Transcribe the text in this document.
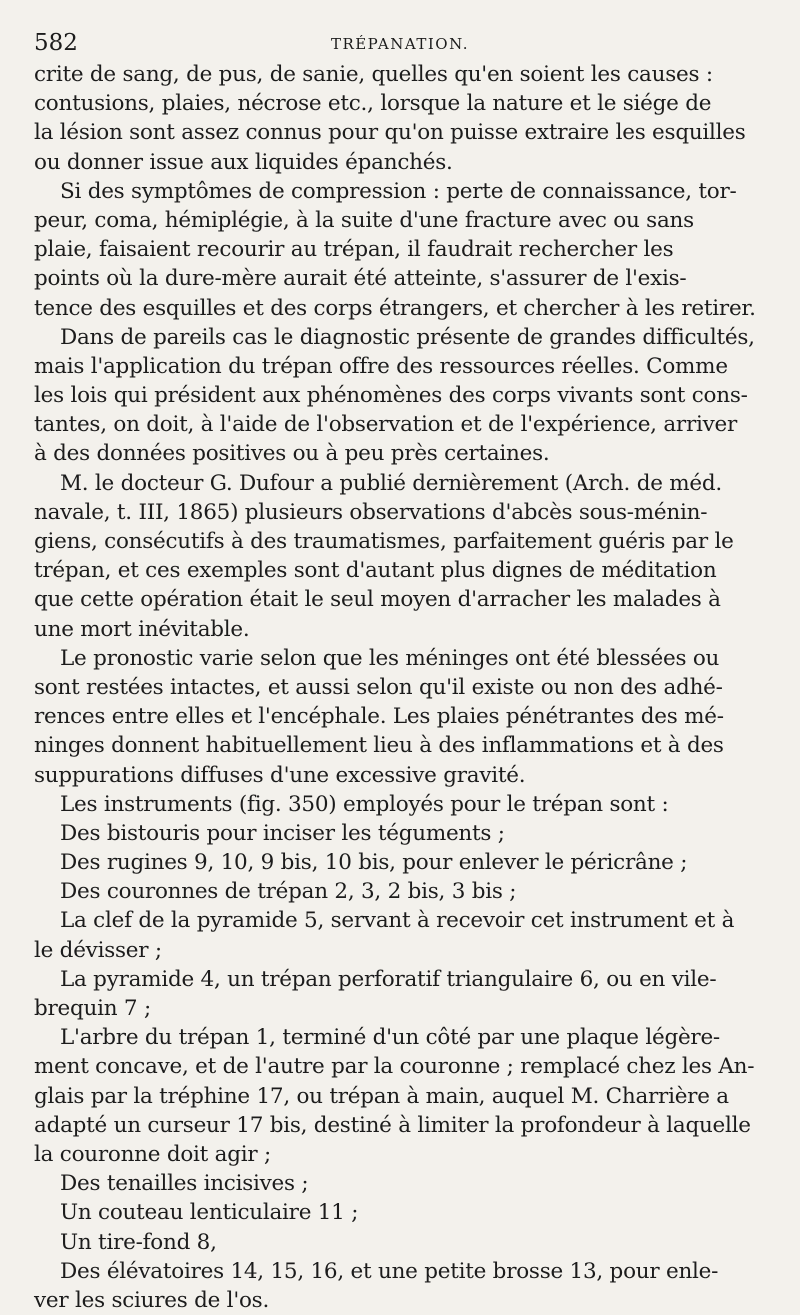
582	TRÉPANATION.
crite de sang, de pus, de sanie, quelles qu'en soient les causes :
contusions, plaies, nécrose etc., lorsque la nature et le siége de
la lésion sont assez connus pour qu'on puisse extraire les esquilles
ou donner issue aux liquides épanchés.
Si des symptômes de compression : perte de connaissance, tor-
peur, coma, hémiplégie, à la suite d'une fracture avec ou sans
plaie, faisaient recourir au trépan, il faudrait rechercher les
points où la dure-mère aurait été atteinte, s'assurer de l'exis-
tence des esquilles et des corps étrangers, et chercher à les retirer.
Dans de pareils cas le diagnostic présente de grandes difficultés,
mais l'application du trépan offre des ressources réelles. Comme
les lois qui président aux phénomènes des corps vivants sont cons-
tantes, on doit, à l'aide de l'observation et de l'expérience, arriver
à des données positives ou à peu près certaines.
M. le docteur G. Dufour a publié dernièrement (Arch. de méd.
navale, t. III, 1865) plusieurs observations d'abcès sous-ménin-
giens, consécutifs à des traumatismes, parfaitement guéris par le
trépan, et ces exemples sont d'autant plus dignes de méditation
que cette opération était le seul moyen d'arracher les malades à
une mort inévitable.
Le pronostic varie selon que les méninges ont été blessées ou
sont restées intactes, et aussi selon qu'il existe ou non des adhé-
rences entre elles et l'encéphale. Les plaies pénétrantes des mé-
ninges donnent habituellement lieu à des inflammations et à des
suppurations diffuses d'une excessive gravité.
Les instruments (fig. 350) employés pour le trépan sont :
Des bistouris pour inciser les téguments ;
Des rugines 9, 10, 9 bis, 10 bis, pour enlever le péricrâne ;
Des couronnes de trépan 2, 3, 2 bis, 3 bis ;
La clef de la pyramide 5, servant à recevoir cet instrument et à
le dévisser ;
La pyramide 4, un trépan perforatif triangulaire 6, ou en vile-
brequin 7 ;
L'arbre du trépan 1, terminé d'un côté par une plaque légère-
ment concave, et de l'autre par la couronne ; remplacé chez les An-
glais par la tréphine 17, ou trépan à main, auquel M. Charrière a
adapté un curseur 17 bis, destiné à limiter la profondeur à laquelle
la couronne doit agir ;
Des tenailles incisives ;
Un couteau lenticulaire 11 ;
Un tire-fond 8,
Des élévatoires 14, 15, 16, et une petite brosse 13, pour enle-
ver les sciures de l'os.
